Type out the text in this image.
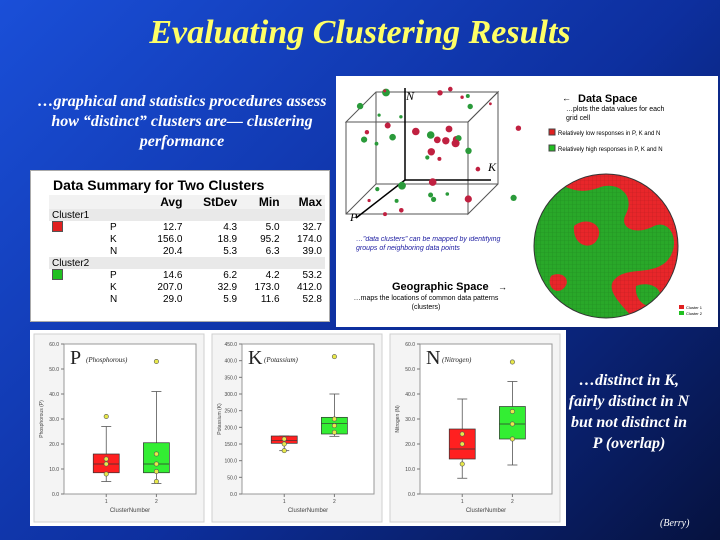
Evaluating Clustering Results
…graphical and statistics procedures assess how “distinct” clusters are— clustering performance
N
K
P
← Data Space
…plots the data values for each grid cell
Relatively low responses in P, K and N
Relatively high responses in P, K and N
…”data clusters” can be mapped by identifying groups of neighboring data points
Geographic Space →
…maps the locations of common data patterns (clusters)	Cluster 1
Cluster 2
Data Summary for Two Clusters
		Avg	StDev	Min	Max
Cluster1					
	P	12.7	4.3	5.0	32.7
	K	156.0	18.9	95.2	174.0
	N	20.4	5.3	6.3	39.0
Cluster2					
	P	14.6	6.2	4.2	53.2
	K	207.0	32.9	173.0	412.0
	N	29.0	5.9	11.6	52.8
0.0
10.0
20.0
30.0
40.0
50.0
60.0
Phosphorous (P)
P (Phosphorous)
1	2
ClusterNumber
0.0
50.0
100.0
150.0
200.0
250.0
300.0
350.0
400.0
450.0
Potassium (K)
K (Potassium)
1	2
ClusterNumber
0.0
10.0
20.0
30.0
40.0
50.0
60.0
Nitrogen (N)
N (Nitrogen)
1	2
ClusterNumber
…distinct in K, fairly distinct in N but not distinct in P (overlap)
(Berry)
